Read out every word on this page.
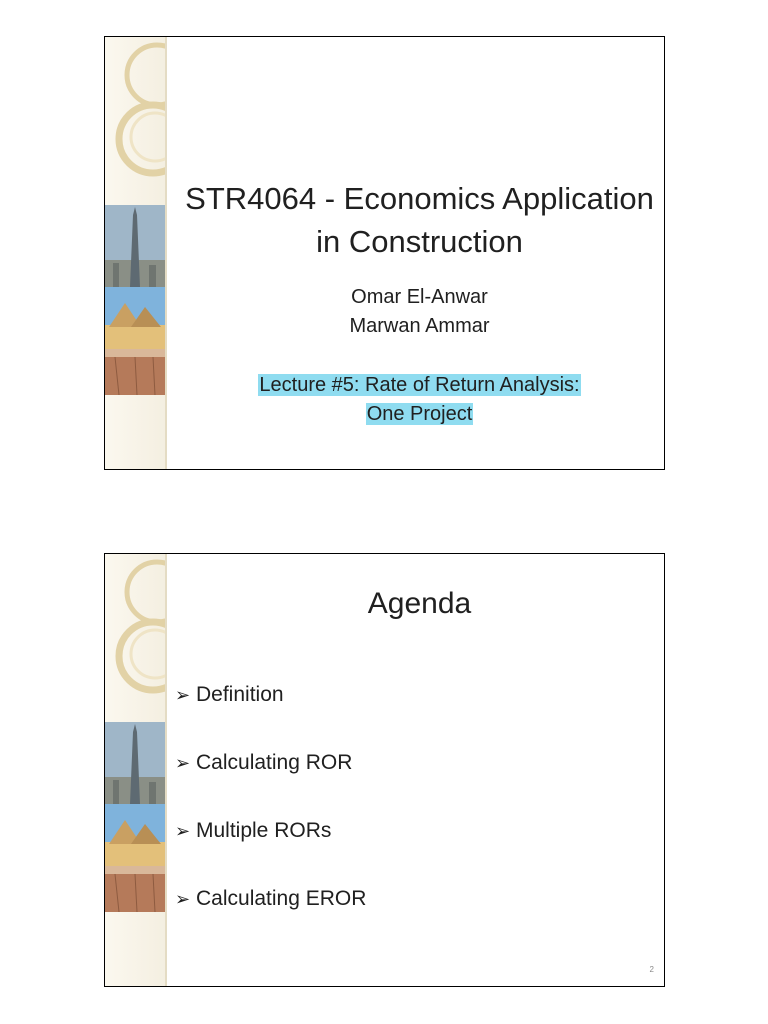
STR4064 - Economics Application
in Construction
Omar El-Anwar
Marwan Ammar
Lecture #5: Rate of Return Analysis:
One Project
Agenda
➢ Definition
➢ Calculating ROR
➢ Multiple RORs
➢ Calculating EROR
2
